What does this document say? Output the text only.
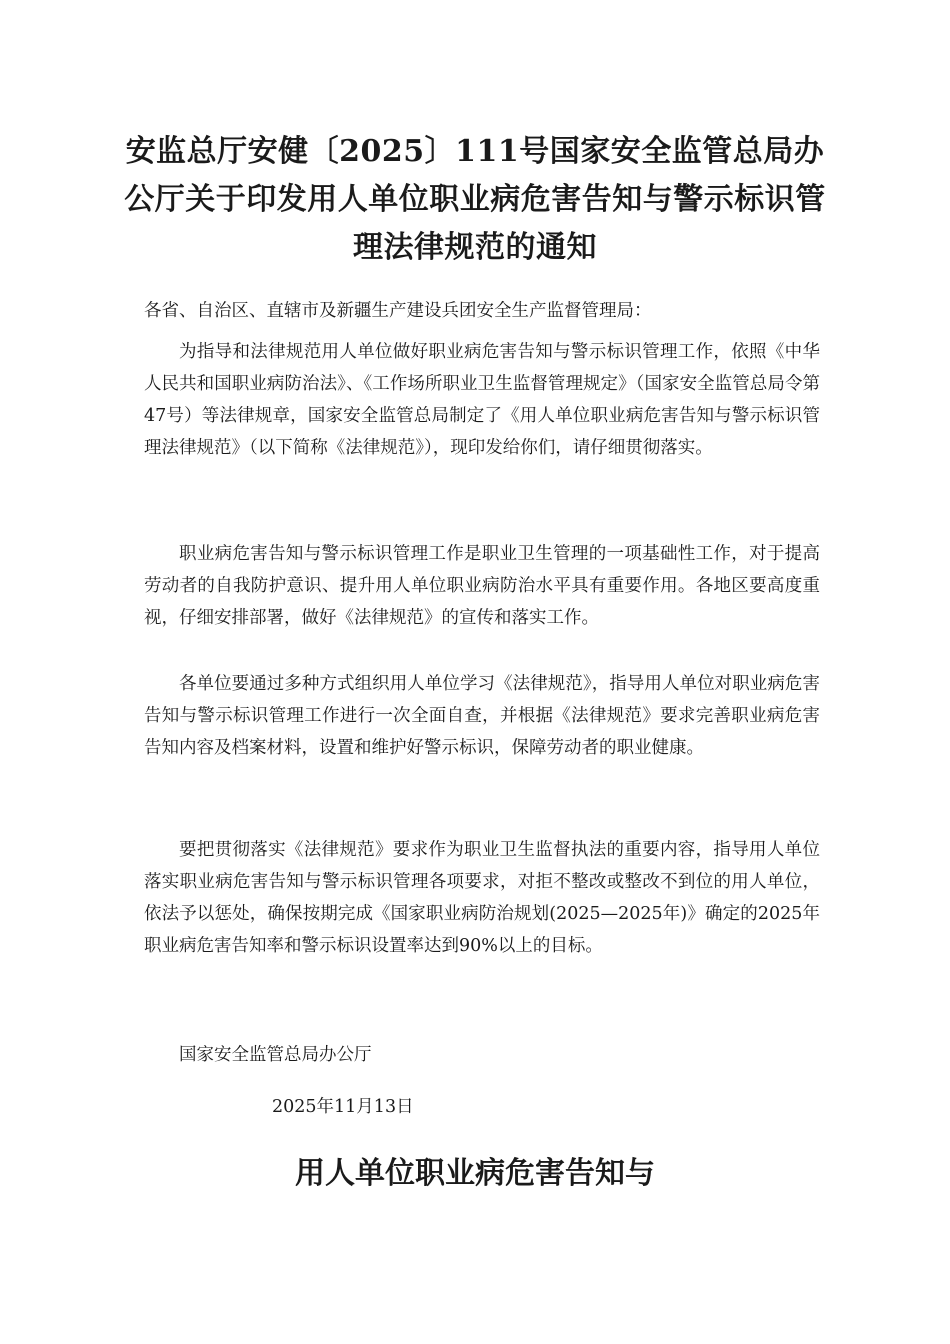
安监总厅安健〔2025〕111号国家安全监管总局办公厅关于印发用人单位职业病危害告知与警示标识管理法律规范的通知

各省、自治区、直辖市及新疆生产建设兵团安全生产监督管理局：

为指导和法律规范用人单位做好职业病危害告知与警示标识管理工作，依照《中华人民共和国职业病防治法》、《工作场所职业卫生监督管理规定》（国家安全监管总局令第47号）等法律规章，国家安全监管总局制定了《用人单位职业病危害告知与警示标识管理法律规范》（以下简称《法律规范》），现印发给你们，请仔细贯彻落实。

职业病危害告知与警示标识管理工作是职业卫生管理的一项基础性工作，对于提高劳动者的自我防护意识、提升用人单位职业病防治水平具有重要作用。各地区要高度重视，仔细安排部署，做好《法律规范》的宣传和落实工作。

各单位要通过多种方式组织用人单位学习《法律规范》，指导用人单位对职业病危害告知与警示标识管理工作进行一次全面自查，并根据《法律规范》要求完善职业病危害告知内容及档案材料，设置和维护好警示标识，保障劳动者的职业健康。

要把贯彻落实《法律规范》要求作为职业卫生监督执法的重要内容，指导用人单位落实职业病危害告知与警示标识管理各项要求，对拒不整改或整改不到位的用人单位，依法予以惩处，确保按期完成《国家职业病防治规划(2025—2025年)》确定的2025年职业病危害告知率和警示标识设置率达到90%以上的目标。

国家安全监管总局办公厅

2025年11月13日

用人单位职业病危害告知与
